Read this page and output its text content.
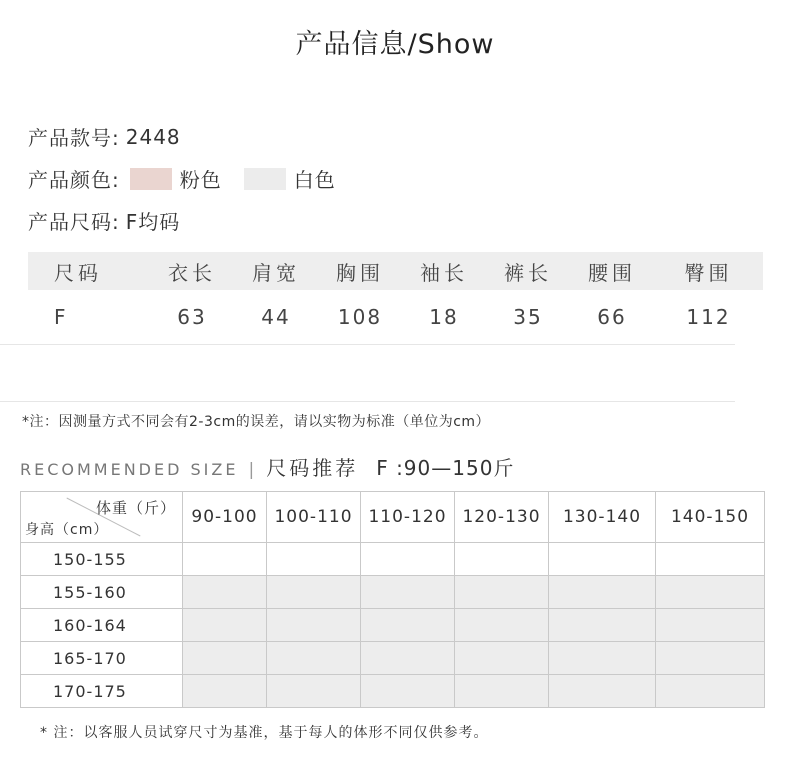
产品信息/Show
产品款号: 2448
产品颜色:	粉色	白色
产品尺码: F均码
尺码	衣长	肩宽	胸围	袖长	裤长	腰围	臀围
F	63	44	108	18	35	66	112
*注：因测量方式不同会有2-3cm的误差，请以实物为标准（单位为cm）
RECOMMENDED SIZE | 尺码推荐 F :90—150斤
体重（斤）
身高（cm）	90-100	100-110	110-120	120-130	130-140	140-150
150-155						
155-160						
160-164						
165-170						
170-175						
* 注：以客服人员试穿尺寸为基准，基于每人的体形不同仅供参考。
